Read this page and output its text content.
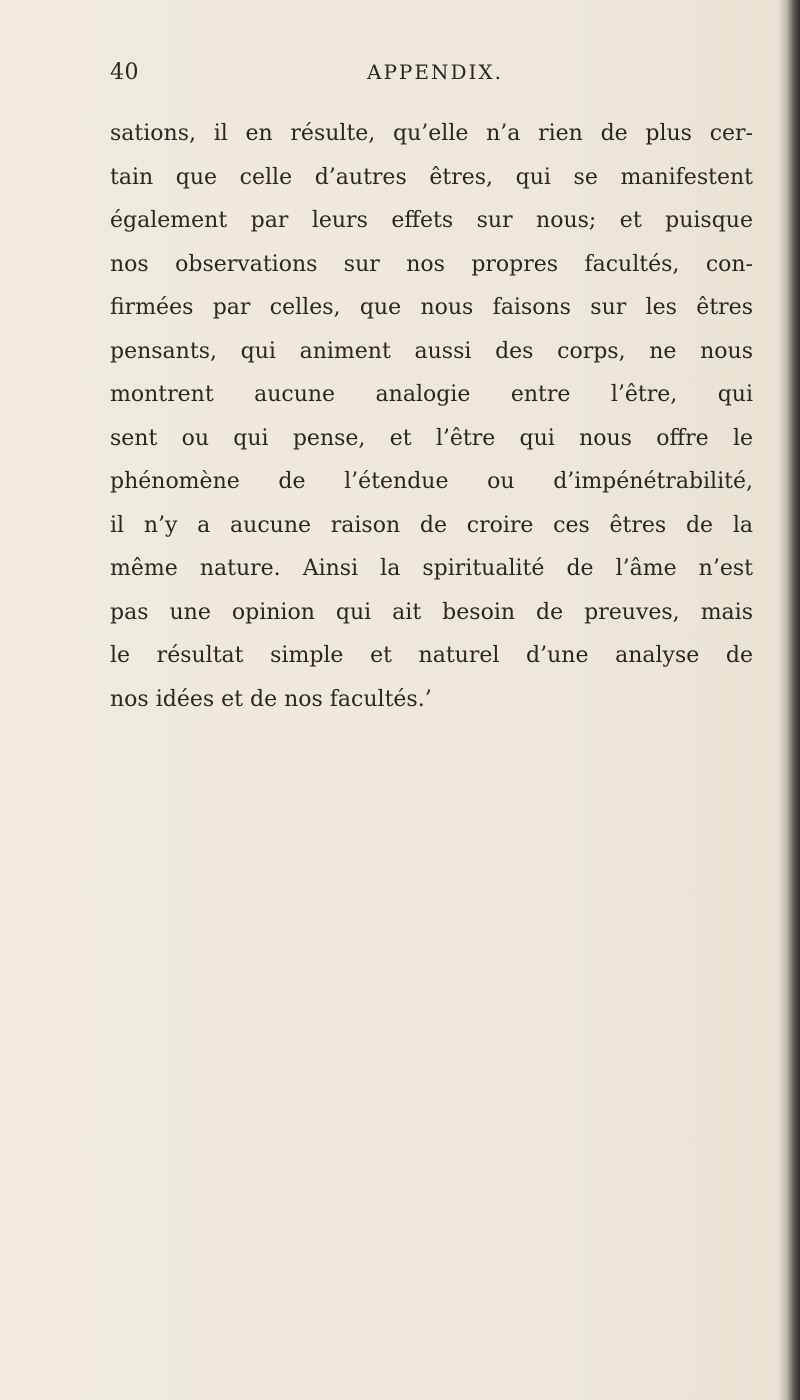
40	APPENDIX.
sations, il en résulte, qu’elle n’a rien de plus cer-
tain que celle d’autres êtres, qui se manifestent
également par leurs effets sur nous; et puisque
nos observations sur nos propres facultés, con-
firmées par celles, que nous faisons sur les êtres
pensants, qui animent aussi des corps, ne nous
montrent aucune analogie entre l’être, qui
sent ou qui pense, et l’être qui nous offre le
phénomène de l’étendue ou d’impénétrabilité,
il n’y a aucune raison de croire ces êtres de la
même nature. Ainsi la spiritualité de l’âme n’est
pas une opinion qui ait besoin de preuves, mais
le résultat simple et naturel d’une analyse de
nos idées et de nos facultés.’
